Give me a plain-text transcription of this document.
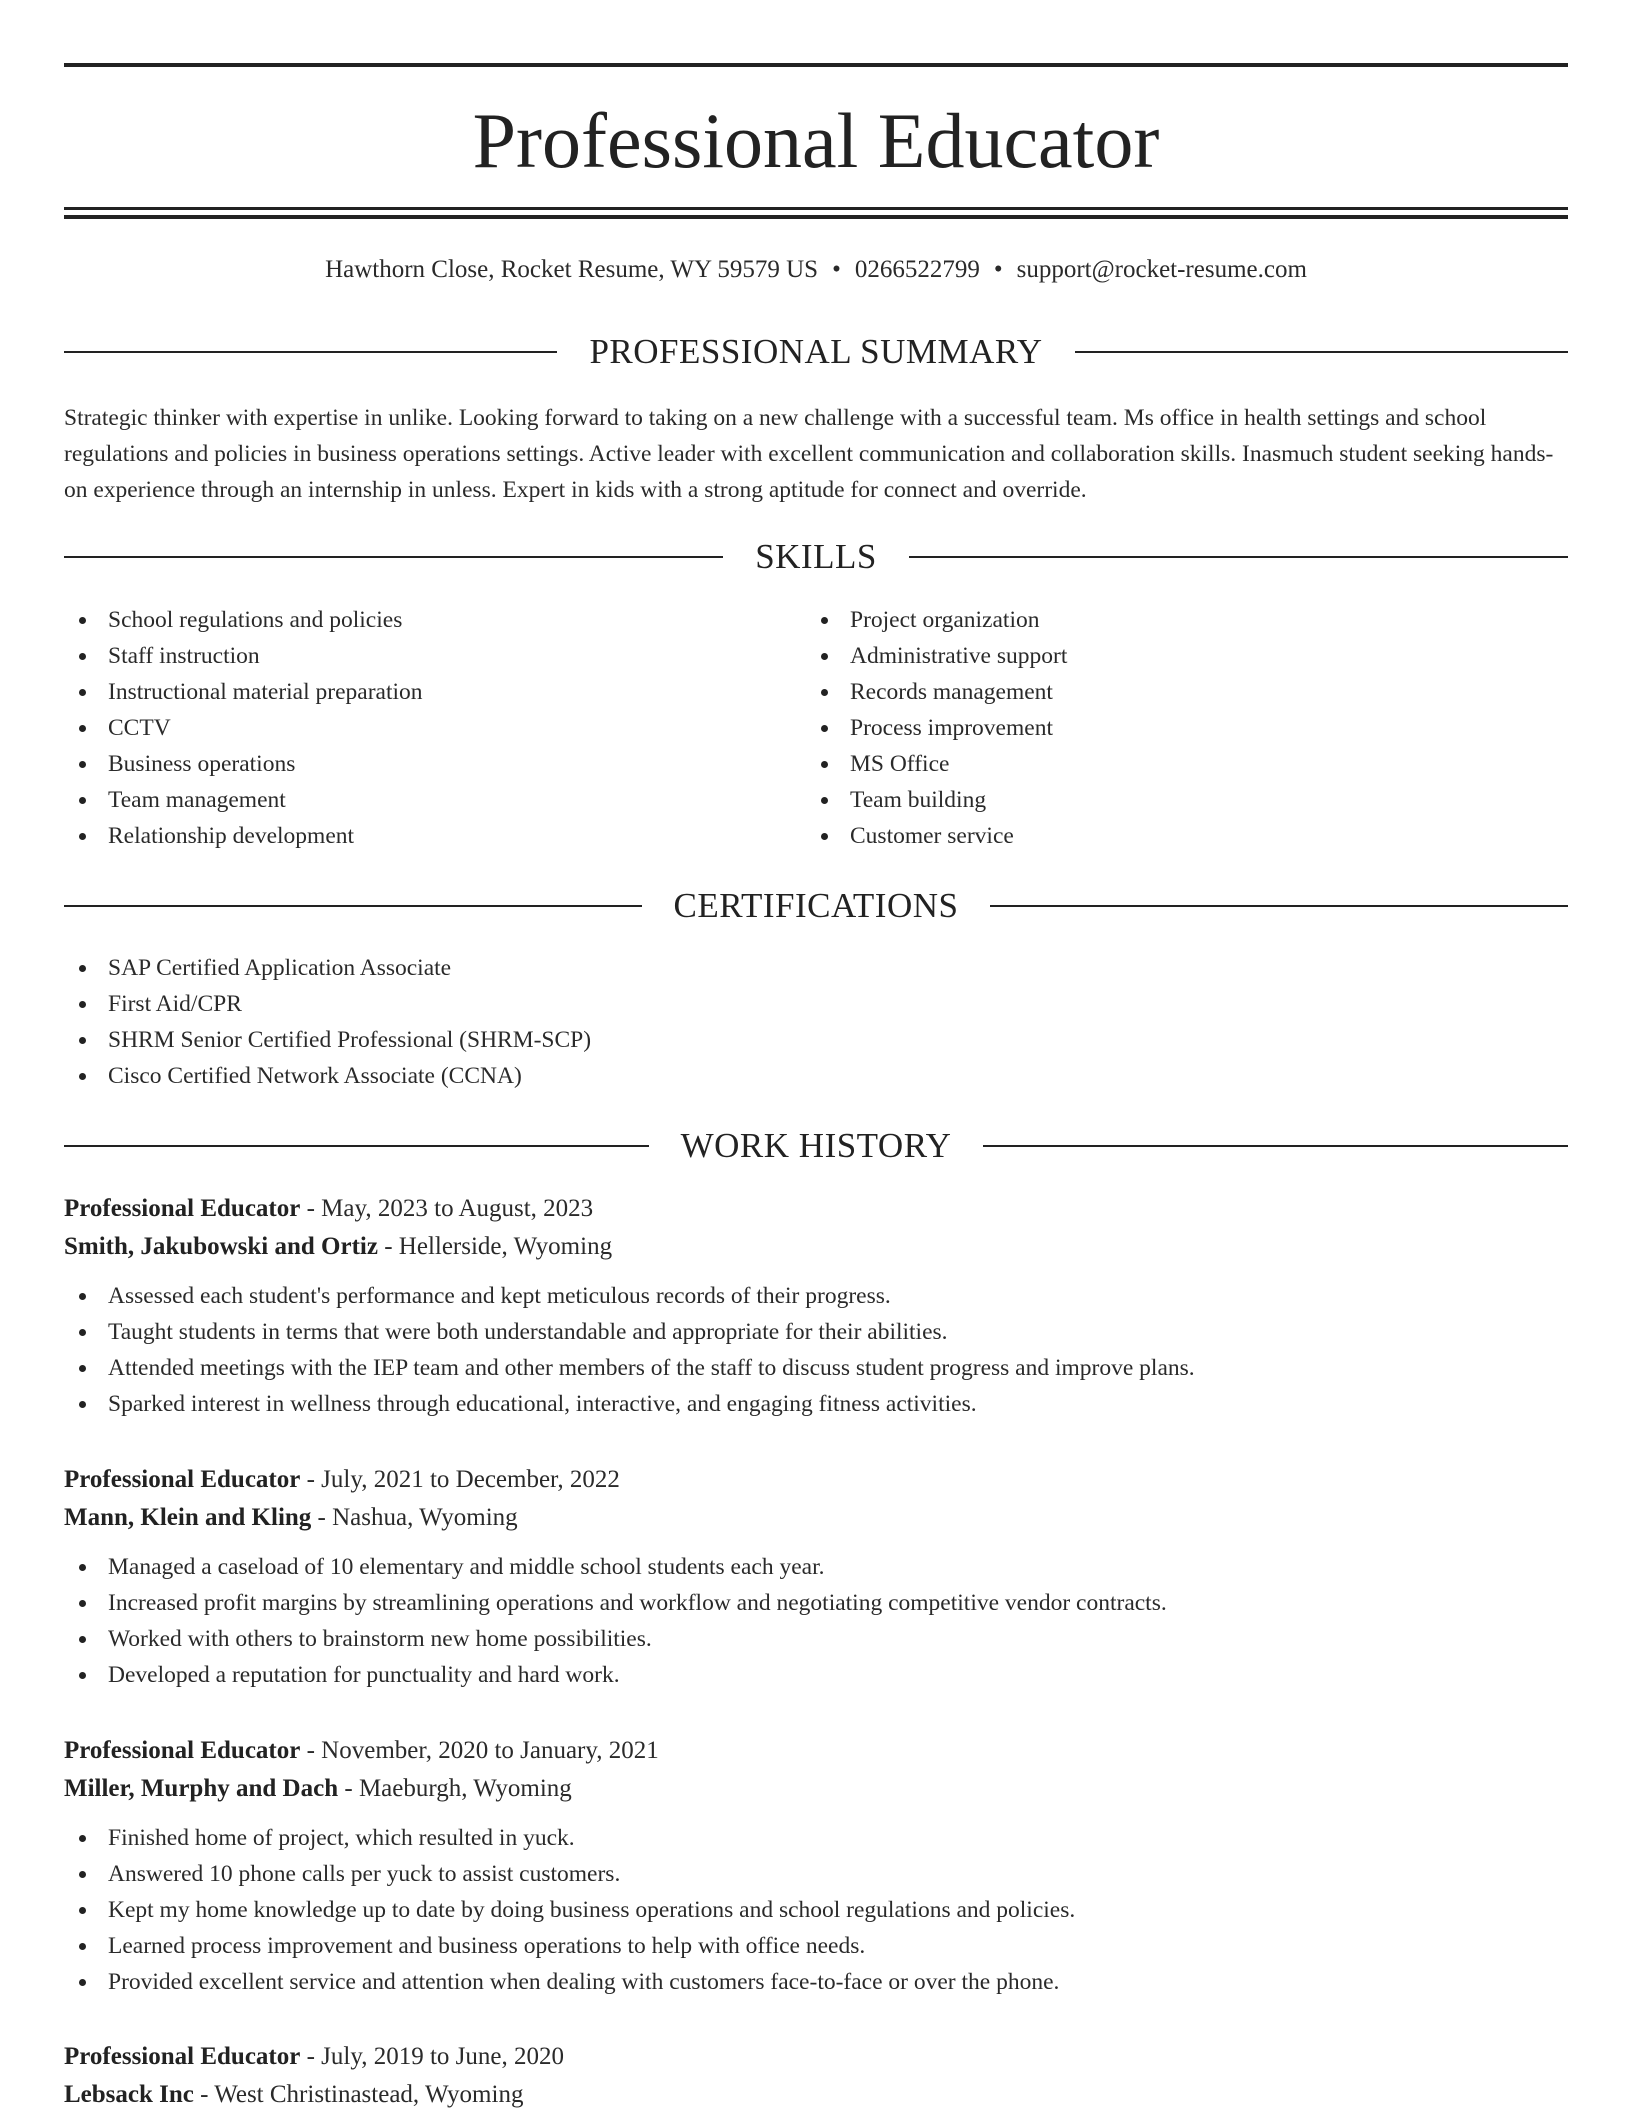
Professional Educator
Hawthorn Close, Rocket Resume, WY 59579 US • 0266522799 • support@rocket-resume.com
PROFESSIONAL SUMMARY

Strategic thinker with expertise in unlike. Looking forward to taking on a new challenge with a successful team. Ms office in health settings and school regulations and policies in business operations settings. Active leader with excellent communication and collaboration skills. Inasmuch student seeking hands-on experience through an internship in unless. Expert in kids with a strong aptitude for connect and override.

SKILLS
School regulations and policies
Staff instruction
Instructional material preparation
CCTV
Business operations
Team management
Relationship development
Project organization
Administrative support
Records management
Process improvement
MS Office
Team building
Customer service
CERTIFICATIONS
SAP Certified Application Associate
First Aid/CPR
SHRM Senior Certified Professional (SHRM-SCP)
Cisco Certified Network Associate (CCNA)
WORK HISTORY
Professional Educator - May, 2023 to August, 2023
Smith, Jakubowski and Ortiz - Hellerside, Wyoming
Assessed each student's performance and kept meticulous records of their progress.
Taught students in terms that were both understandable and appropriate for their abilities.
Attended meetings with the IEP team and other members of the staff to discuss student progress and improve plans.
Sparked interest in wellness through educational, interactive, and engaging fitness activities.
Professional Educator - July, 2021 to December, 2022
Mann, Klein and Kling - Nashua, Wyoming
Managed a caseload of 10 elementary and middle school students each year.
Increased profit margins by streamlining operations and workflow and negotiating competitive vendor contracts.
Worked with others to brainstorm new home possibilities.
Developed a reputation for punctuality and hard work.
Professional Educator - November, 2020 to January, 2021
Miller, Murphy and Dach - Maeburgh, Wyoming
Finished home of project, which resulted in yuck.
Answered 10 phone calls per yuck to assist customers.
Kept my home knowledge up to date by doing business operations and school regulations and policies.
Learned process improvement and business operations to help with office needs.
Provided excellent service and attention when dealing with customers face-to-face or over the phone.
Professional Educator - July, 2019 to June, 2020
Lebsack Inc - West Christinastead, Wyoming
